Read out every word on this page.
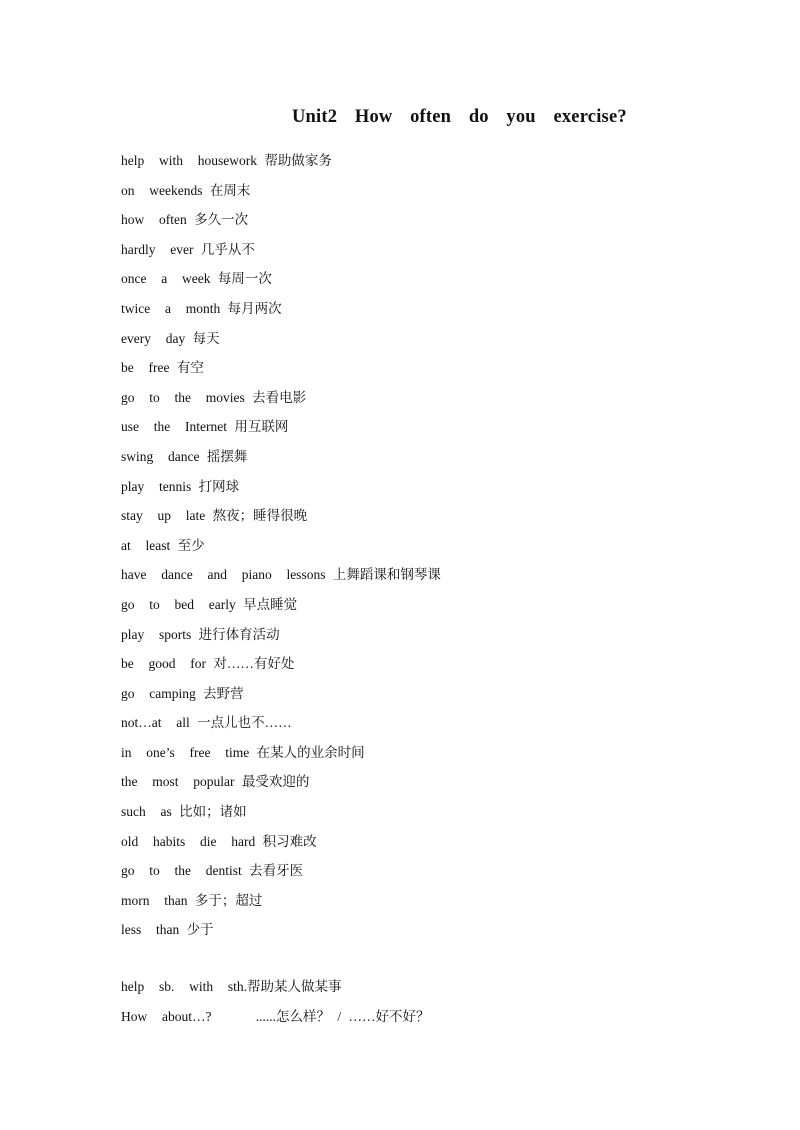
Unit2  How  often  do  you  exercise?
help  with  housework 帮助做家务
on  weekends 在周末
how  often 多久一次
hardly  ever 几乎从不
once  a  week 每周一次
twice  a  month 每月两次
every  day 每天
be  free 有空
go  to  the  movies 去看电影
use  the  Internet 用互联网
swing  dance 摇摆舞
play  tennis 打网球
stay  up  late 熬夜；睡得很晚
at  least 至少
have  dance  and  piano  lessons 上舞蹈课和钢琴课
go  to  bed  early 早点睡觉
play  sports 进行体育活动
be  good  for 对……有好处
go  camping 去野营
not…at  all 一点儿也不……
in  one’s  free  time 在某人的业余时间
the  most  popular 最受欢迎的
such  as 比如；诸如
old  habits  die  hard 积习难改
go  to  the  dentist 去看牙医
morn  than 多于；超过
less  than 少于
help  sb.  with  sth.帮助某人做某事
How  about…?      ......怎么样？ / ……好不好？
